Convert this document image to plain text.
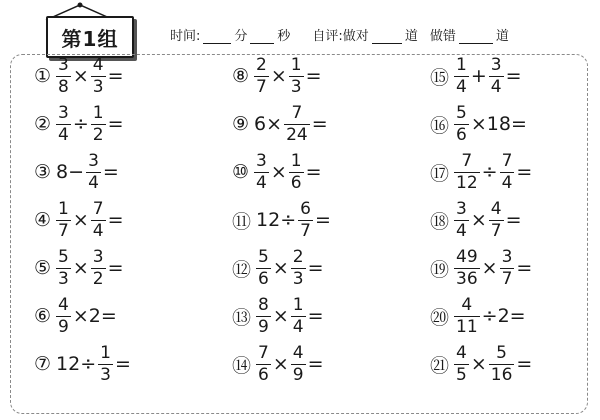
第1组	时间:	分 秒 自评:做对	道 做错	道
① $\frac{3}{8} \times \frac{4}{3}$ =
② $\frac{3}{4} \div \frac{1}{2}$ =
③ $8- \frac{3}{4}$ =
④ $\frac{1}{7} \times \frac{7}{4}$ =
⑤ $\frac{5}{3} \times \frac{3}{2}$ =
⑥ $\frac{4}{9} \times 2=$
⑦ $12\div \frac{1}{3}$ =
⑧ $\frac{2}{7} \times \frac{1}{3}$ =
⑨ $6\times \frac{7}{24}$ =
⑩ $\frac{3}{4} \times \frac{1}{6}$ =
⑪ $12\div \frac{6}{7}$ =
⑫ $\frac{5}{6} \times \frac{2}{3}$ =
⑬ $\frac{8}{9} \times \frac{1}{4}$ =
⑭ $\frac{7}{6} \times \frac{4}{9}$ =
⑮ $\frac{1}{4} + \frac{3}{4}$ =
⑯ $\frac{5}{6} \times 18=$
⑰ $\frac{7}{12} \div \frac{7}{4}$ =
⑱ $\frac{3}{4} \times \frac{4}{7}$ =
⑲ $\frac{49}{36} \times \frac{3}{7}$ =
⑳ $\frac{4}{11} \div 2=$
㉑ $\frac{4}{5} \times \frac{5}{16}$ =
